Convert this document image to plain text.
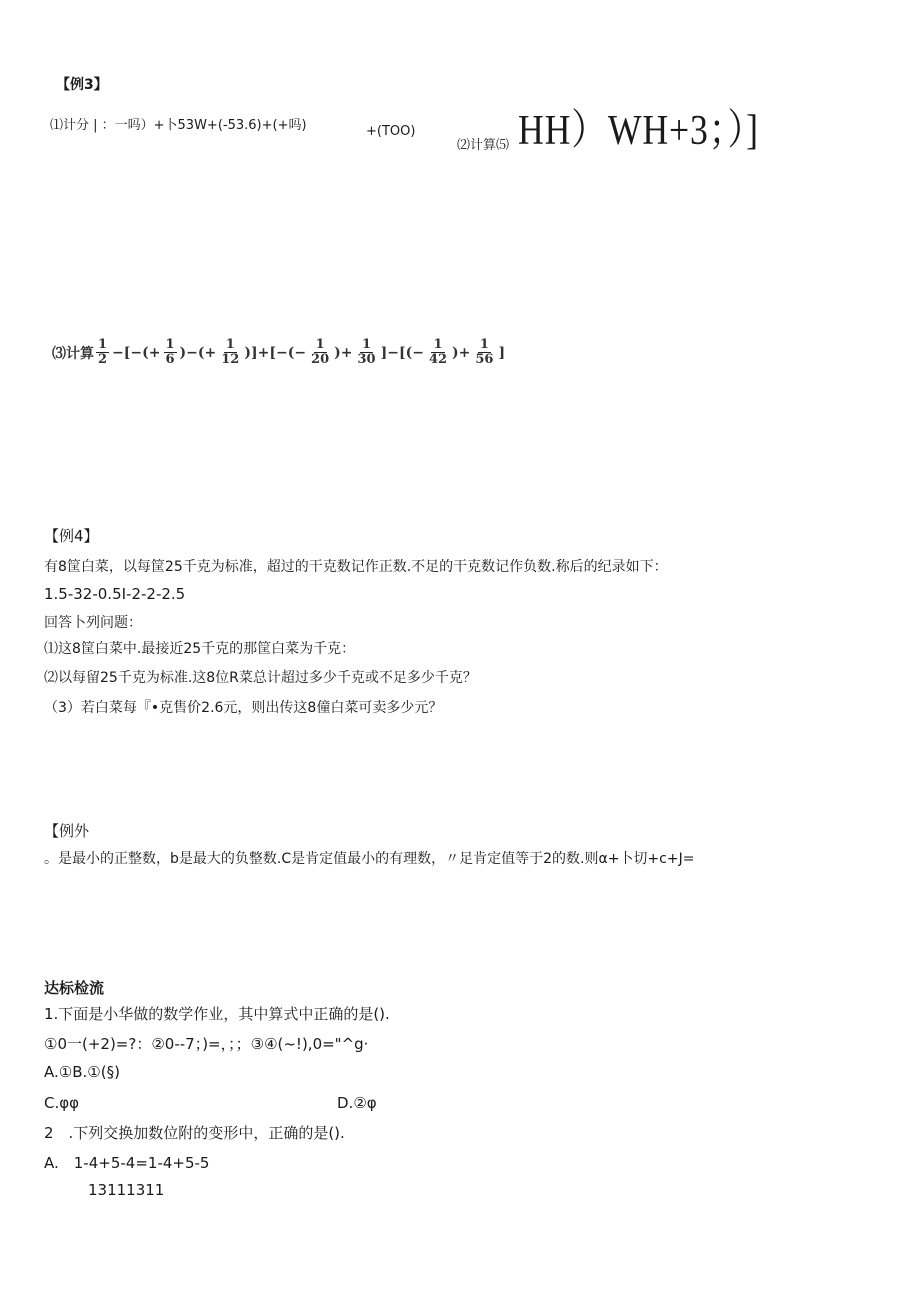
【例3】
⑴计分 | ：一吗）+卜53W+(-53.6)+(+吗)	+(TOO)
⑵计算⑸ HH）WH+3；）]
⑶计算 $\frac{1}{2}$ −[−(+ $\frac{1}{6}$ )−(+ $\frac{1}{12}$ )]+[−(− $\frac{1}{20}$ )+ $\frac{1}{30}$ ]−[(− $\frac{1}{42}$ )+ $\frac{1}{56}$ ]
【例4】
有8筐白菜，以每筐25千克为标准，超过的干克数记作正数.不足的干克数记作负数.称后的纪录如下：
1.5-32-0.5I-2-2-2.5
回答卜列问题：
⑴这8筐白菜中.最接近25千克的那筐白菜为千克：
⑵以每留25千克为标准.这8位R菜总计超过多少千克或不足多少千克？
（3）若白菜每『•克售价2.6元，则出传这8僮白菜可卖多少元？
【例外
。是最小的正整数，b是最大的负整数.C是肯定值最小的有理数，〃足肯定值等于2的数.则α+卜切+c+J=
达标检流
1.下面是小华做的数学作业，其中算式中正确的是().
①0一(+2)=?：②0--7；)=，；；③④(~!),0="^g·
A.①B.①(§)
C.φφ	D.②φ
2　.下列交换加数位附的变形中，正确的是().
A.　1-4+5-4=1-4+5-5
13111311
